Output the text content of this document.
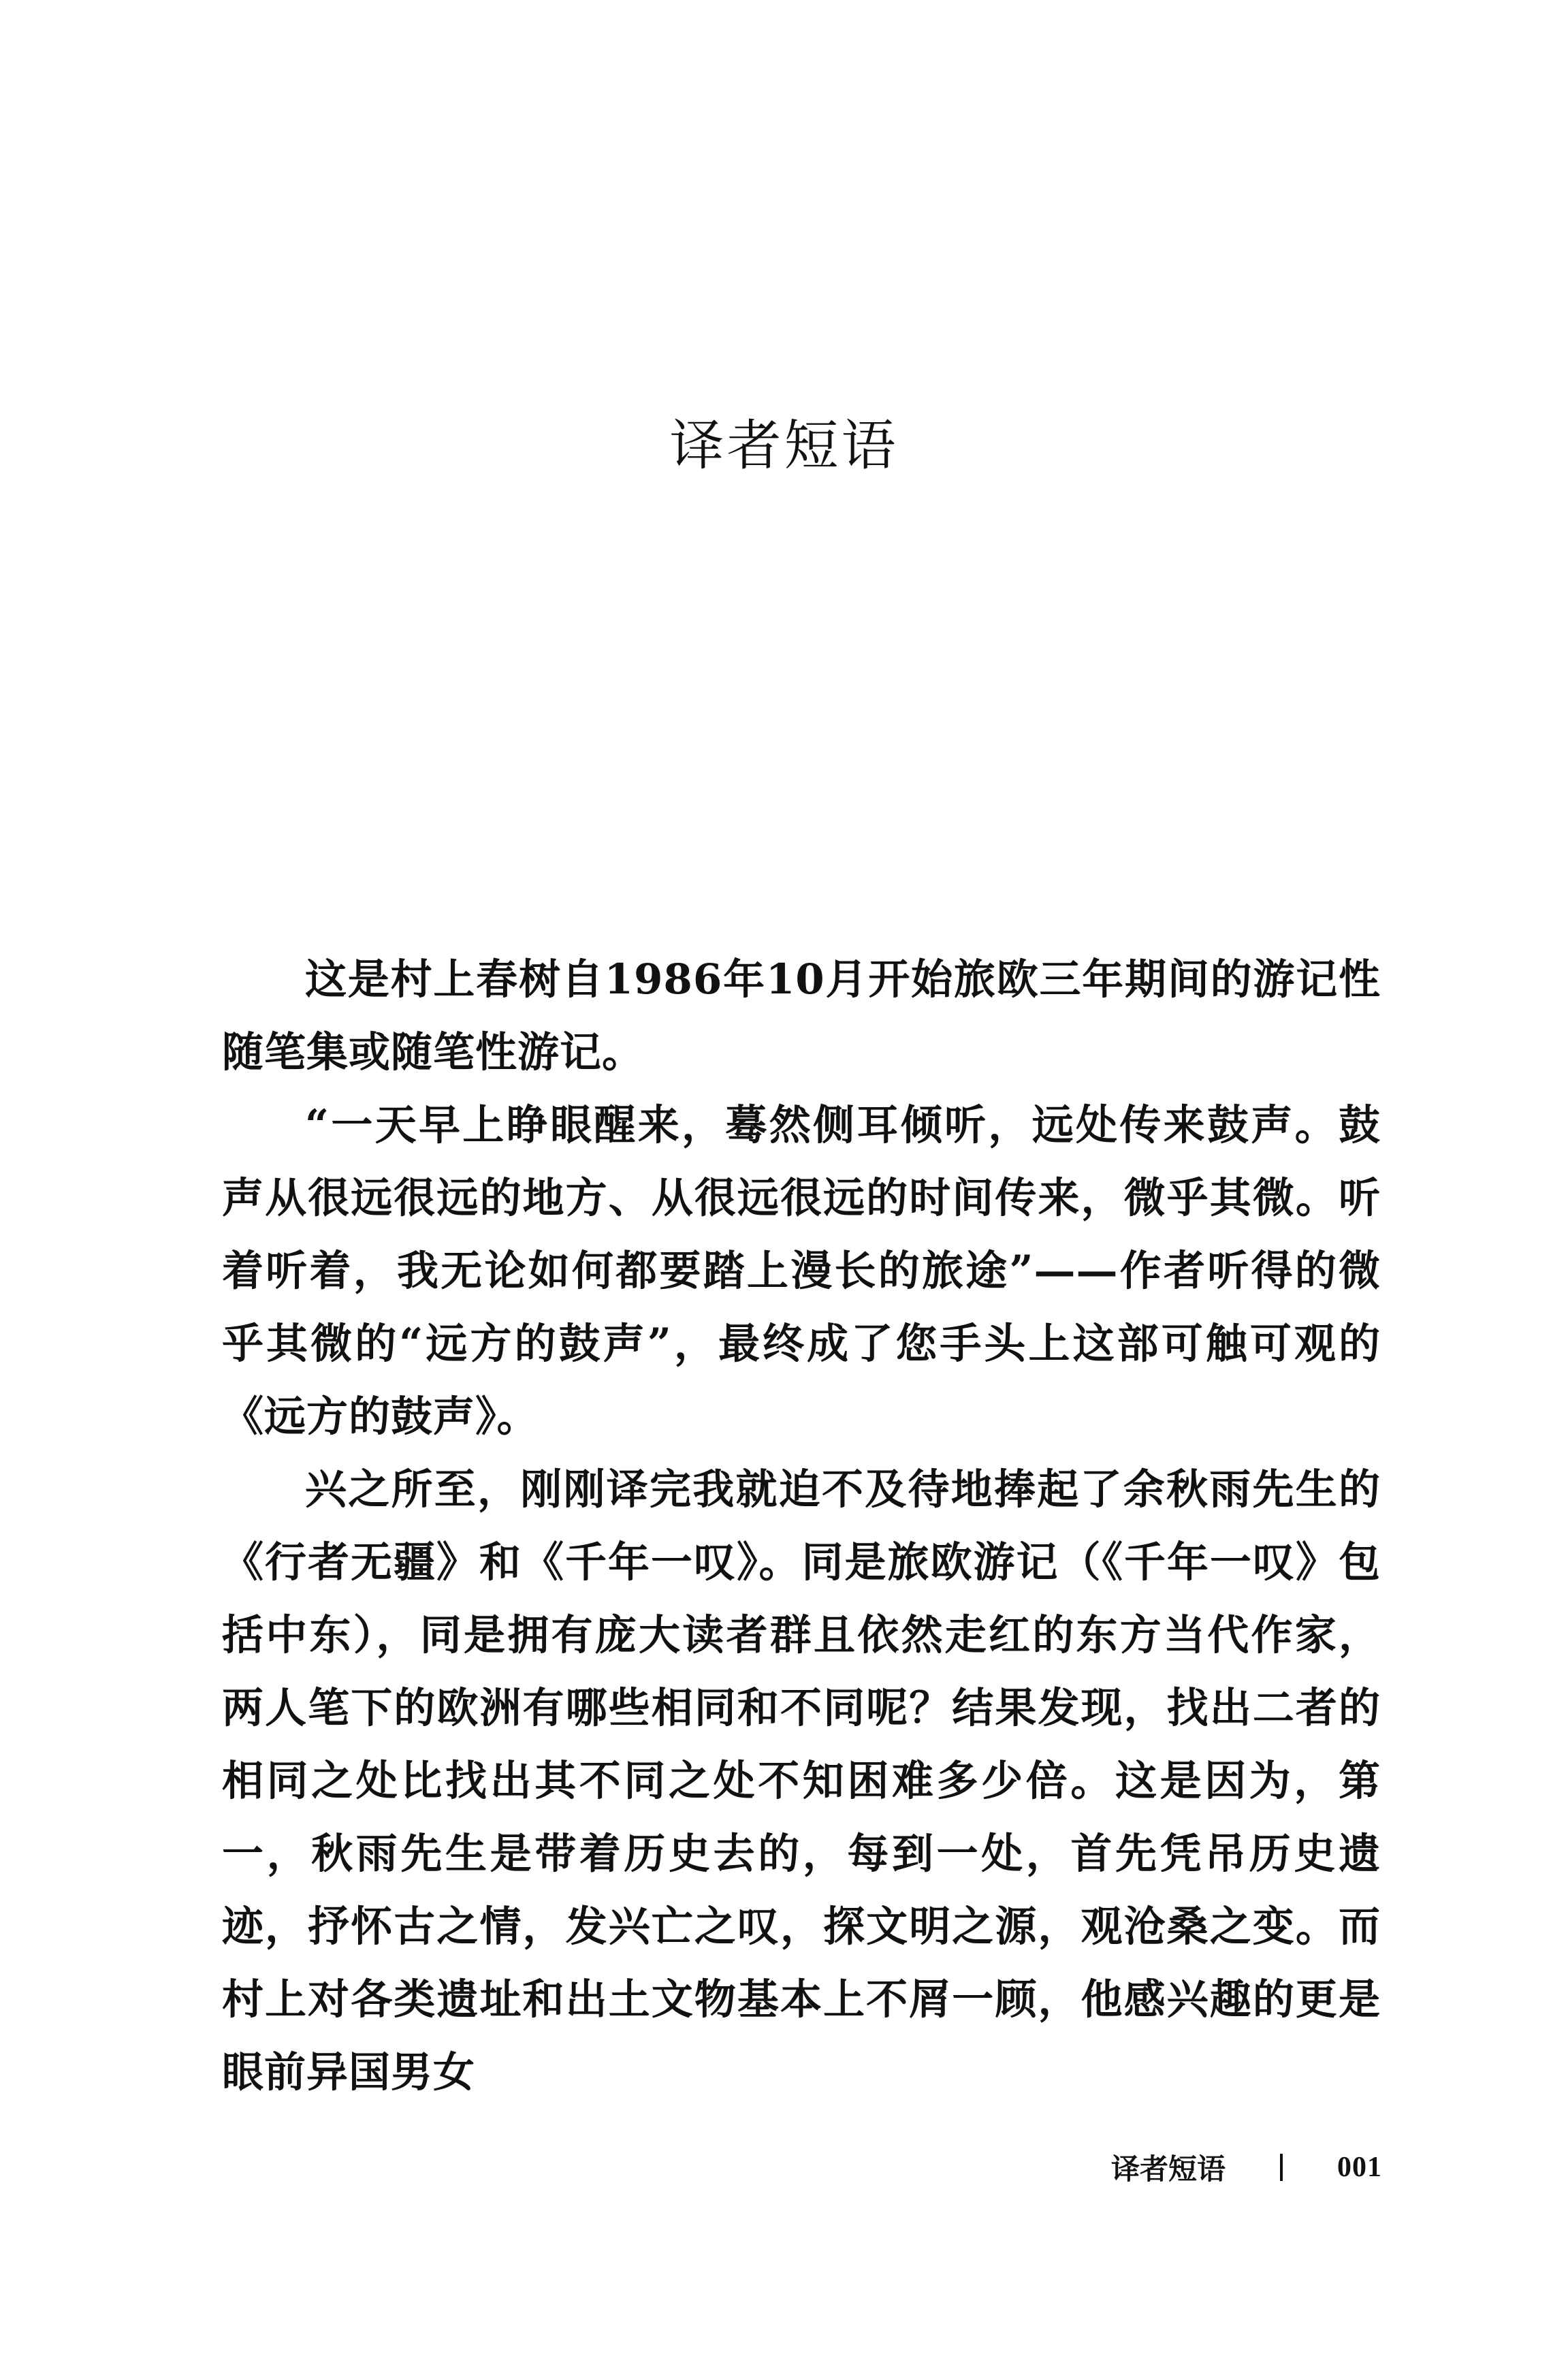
译者短语

这是村上春树自1986年10月开始旅欧三年期间的游记性随笔集或随笔性游记。

“一天早上睁眼醒来，蓦然侧耳倾听，远处传来鼓声。鼓声从很远很远的地方、从很远很远的时间传来，微乎其微。听着听着，我无论如何都要踏上漫长的旅途”——作者听得的微乎其微的“远方的鼓声”，最终成了您手头上这部可触可观的《远方的鼓声》。

兴之所至，刚刚译完我就迫不及待地捧起了余秋雨先生的《行者无疆》和《千年一叹》。同是旅欧游记（《千年一叹》包括中东），同是拥有庞大读者群且依然走红的东方当代作家，两人笔下的欧洲有哪些相同和不同呢？结果发现，找出二者的相同之处比找出其不同之处不知困难多少倍。这是因为，第一，秋雨先生是带着历史去的，每到一处，首先凭吊历史遗迹，抒怀古之情，发兴亡之叹，探文明之源，观沧桑之变。而村上对各类遗址和出土文物基本上不屑一顾，他感兴趣的更是眼前异国男女

译者短语	001
